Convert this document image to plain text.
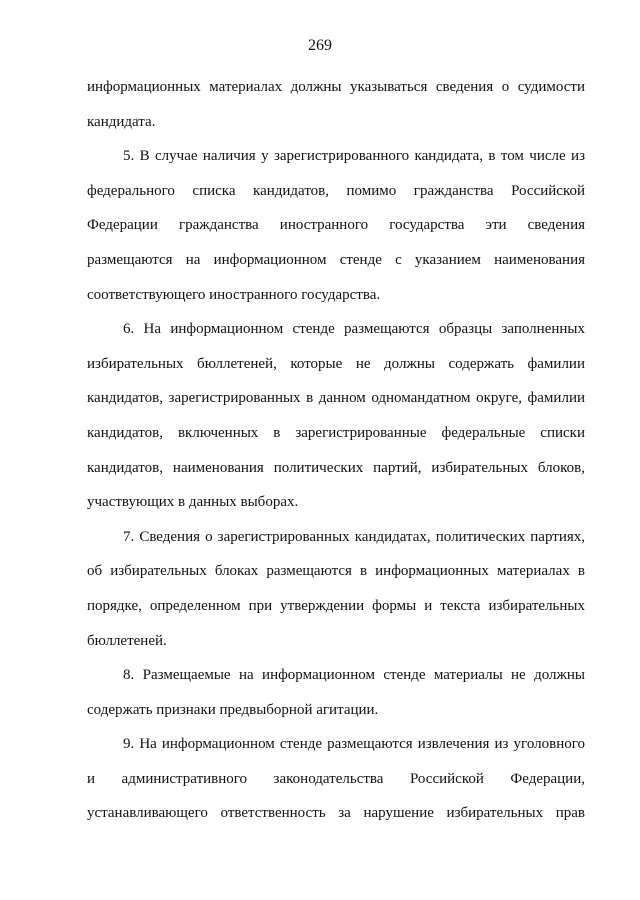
269
информационных материалах должны указываться сведения о судимости
кандидата.
5. В случае наличия у зарегистрированного кандидата, в том числе из
федерального списка кандидатов, помимо гражданства Российской
Федерации гражданства иностранного государства эти сведения
размещаются на информационном стенде с указанием наименования
соответствующего иностранного государства.
6. На информационном стенде размещаются образцы заполненных
избирательных бюллетеней, которые не должны содержать фамилии
кандидатов, зарегистрированных в данном одномандатном округе, фамилии
кандидатов, включенных в зарегистрированные федеральные списки
кандидатов, наименования политических партий, избирательных блоков,
участвующих в данных выборах.
7. Сведения о зарегистрированных кандидатах, политических партиях,
об избирательных блоках размещаются в информационных материалах в
порядке, определенном при утверждении формы и текста избирательных
бюллетеней.
8. Размещаемые на информационном стенде материалы не должны
содержать признаки предвыборной агитации.
9. На информационном стенде размещаются извлечения из уголовного
и административного законодательства Российской Федерации,
устанавливающего ответственность за нарушение избирательных прав
